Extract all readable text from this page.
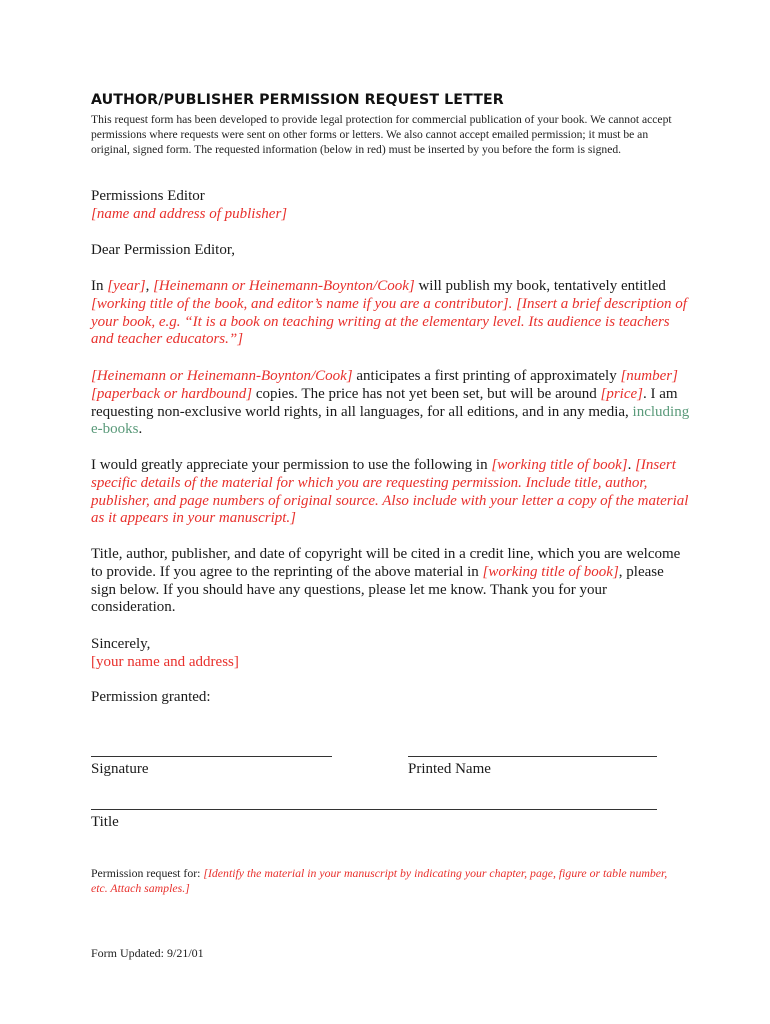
AUTHOR/PUBLISHER PERMISSION REQUEST LETTER
This request form has been developed to provide legal protection for commercial publication of your book. We cannot accept permissions where requests were sent on other forms or letters. We also cannot accept emailed permission; it must be an original, signed form. The requested information (below in red) must be inserted by you before the form is signed.
Permissions Editor
[name and address of publisher]
Dear Permission Editor,
In [year], [Heinemann or Heinemann-Boynton/Cook] will publish my book, tentatively entitled [working title of the book, and editor’s name if you are a contributor]. [Insert a brief description of your book, e.g. “It is a book on teaching writing at the elementary level. Its audience is teachers and teacher educators.”]
[Heinemann or Heinemann-Boynton/Cook] anticipates a first printing of approximately [number] [paperback or hardbound] copies. The price has not yet been set, but will be around [price]. I am requesting non-exclusive world rights, in all languages, for all editions, and in any media, including e-books.
I would greatly appreciate your permission to use the following in [working title of book]. [Insert specific details of the material for which you are requesting permission. Include title, author, publisher, and page numbers of original source. Also include with your letter a copy of the material as it appears in your manuscript.]
Title, author, publisher, and date of copyright will be cited in a credit line, which you are welcome to provide. If you agree to the reprinting of the above material in [working title of book], please sign below. If you should have any questions, please let me know. Thank you for your consideration.
Sincerely,
[your name and address]
Permission granted:
Signature	Printed Name
Title
Permission request for: [Identify the material in your manuscript by indicating your chapter, page, figure or table number, etc. Attach samples.]
Form Updated: 9/21/01
